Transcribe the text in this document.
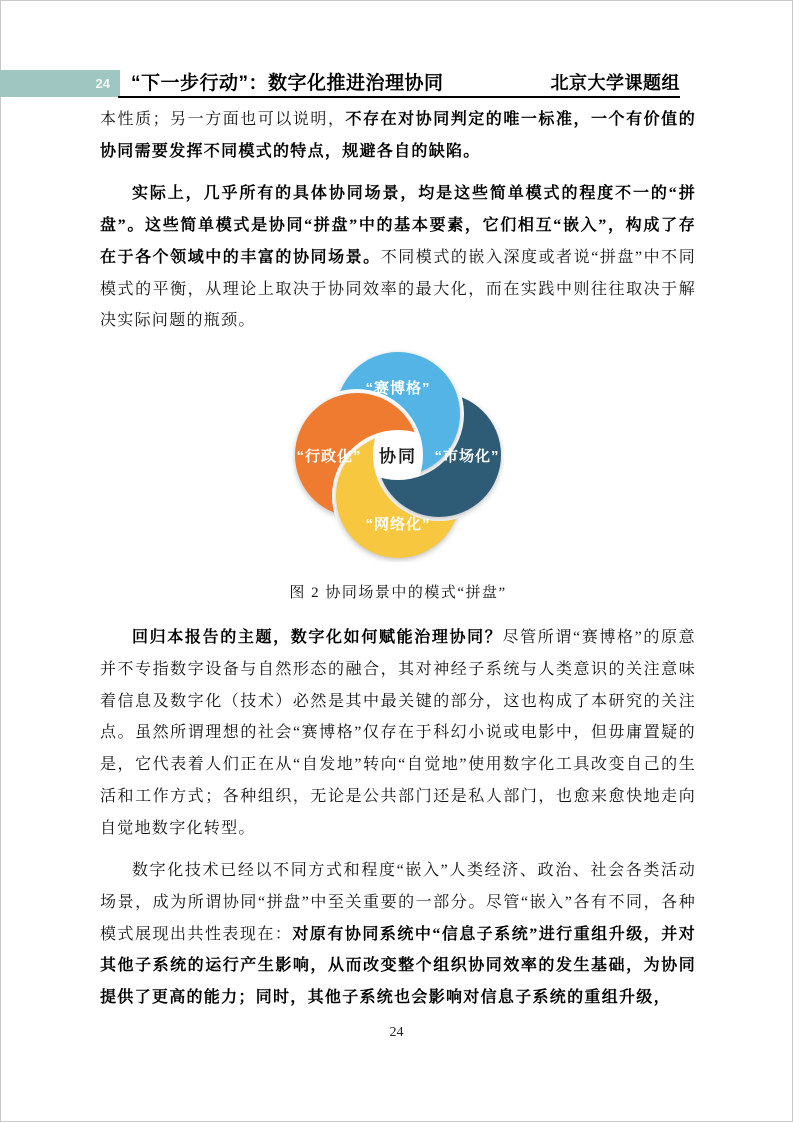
24 “下一步行动”：数字化推进治理协同	北京大学课题组

本性质；另一方面也可以说明，不存在对协同判定的唯一标准，一个有价值的协同需要发挥不同模式的特点，规避各自的缺陷。

实际上，几乎所有的具体协同场景，均是这些简单模式的程度不一的“拼盘”。这些简单模式是协同“拼盘”中的基本要素，它们相互“嵌入”，构成了存在于各个领域中的丰富的协同场景。不同模式的嵌入深度或者说“拼盘”中不同模式的平衡，从理论上取决于协同效率的最大化，而在实践中则往往取决于解决实际问题的瓶颈。

“赛博格”
“市场化”
“网络化”
“行政化” 协同
图 2 协同场景中的模式“拼盘”

回归本报告的主题，数字化如何赋能治理协同？尽管所谓“赛博格”的原意并不专指数字设备与自然形态的融合，其对神经子系统与人类意识的关注意味着信息及数字化（技术）必然是其中最关键的部分，这也构成了本研究的关注点。虽然所谓理想的社会“赛博格”仅存在于科幻小说或电影中，但毋庸置疑的是，它代表着人们正在从“自发地”转向“自觉地”使用数字化工具改变自己的生活和工作方式；各种组织，无论是公共部门还是私人部门，也愈来愈快地走向自觉地数字化转型。

数字化技术已经以不同方式和程度“嵌入”人类经济、政治、社会各类活动场景，成为所谓协同“拼盘”中至关重要的一部分。尽管“嵌入”各有不同，各种模式展现出共性表现在：对原有协同系统中“信息子系统”进行重组升级，并对其他子系统的运行产生影响，从而改变整个组织协同效率的发生基础，为协同提供了更高的能力；同时，其他子系统也会影响对信息子系统的重组升级，

24
